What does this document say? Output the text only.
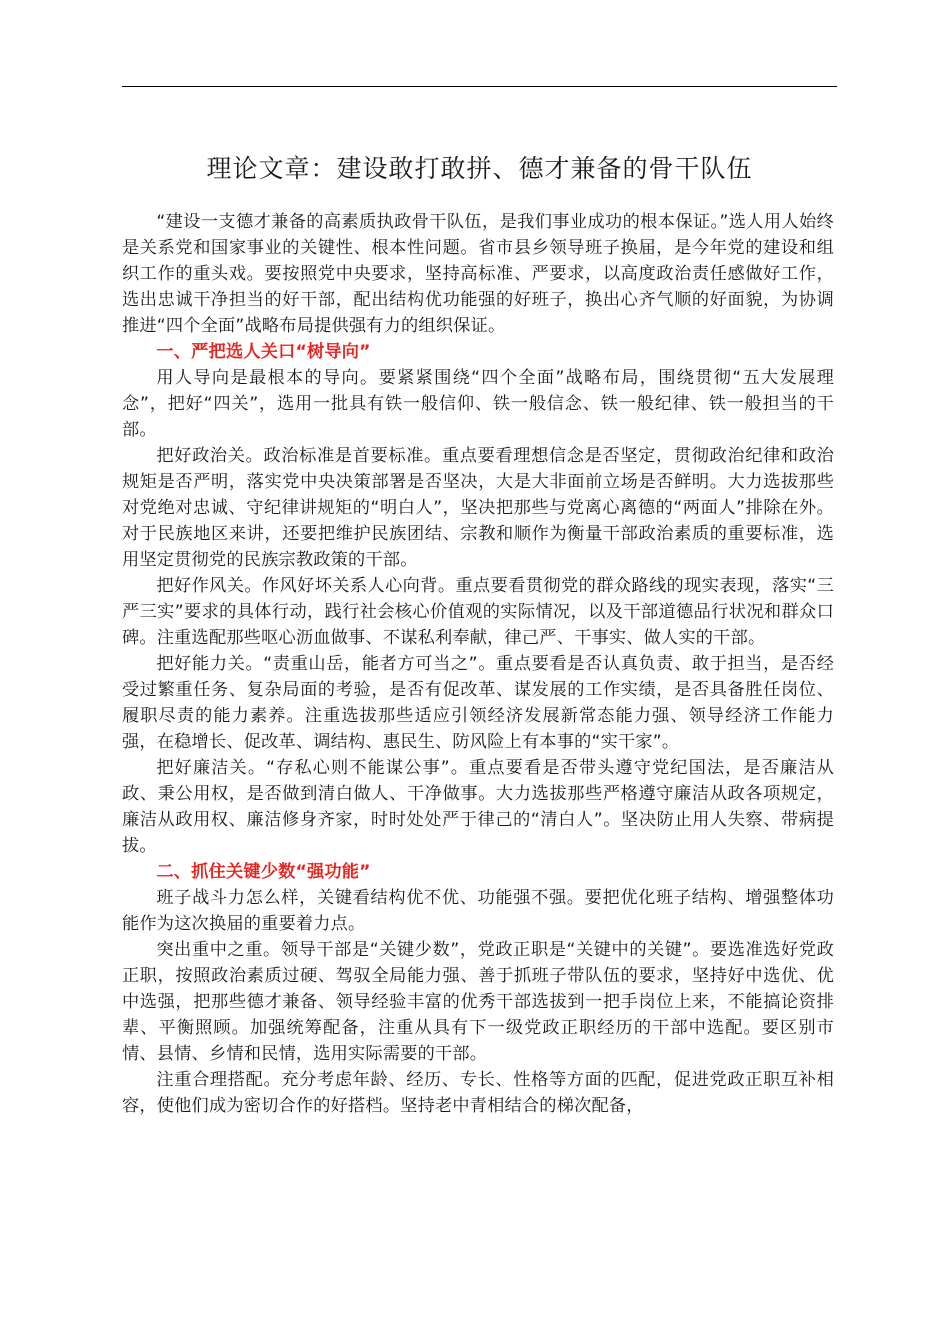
理论文章：建设敢打敢拼、德才兼备的骨干队伍

“建设一支德才兼备的高素质执政骨干队伍，是我们事业成功的根本保证。”选人用人始终是关系党和国家事业的关键性、根本性问题。省市县乡领导班子换届，是今年党的建设和组织工作的重头戏。要按照党中央要求，坚持高标准、严要求，以高度政治责任感做好工作，选出忠诚干净担当的好干部，配出结构优功能强的好班子，换出心齐气顺的好面貌，为协调推进“四个全面”战略布局提供强有力的组织保证。

一、严把选人关口“树导向”

用人导向是最根本的导向。要紧紧围绕“四个全面”战略布局，围绕贯彻“五大发展理念”，把好“四关”，选用一批具有铁一般信仰、铁一般信念、铁一般纪律、铁一般担当的干部。

把好政治关。政治标准是首要标准。重点要看理想信念是否坚定，贯彻政治纪律和政治规矩是否严明，落实党中央决策部署是否坚决，大是大非面前立场是否鲜明。大力选拔那些对党绝对忠诚、守纪律讲规矩的“明白人”，坚决把那些与党离心离德的“两面人”排除在外。对于民族地区来讲，还要把维护民族团结、宗教和顺作为衡量干部政治素质的重要标准，选用坚定贯彻党的民族宗教政策的干部。

把好作风关。作风好坏关系人心向背。重点要看贯彻党的群众路线的现实表现，落实“三严三实”要求的具体行动，践行社会核心价值观的实际情况，以及干部道德品行状况和群众口碑。注重选配那些呕心沥血做事、不谋私利奉献，律己严、干事实、做人实的干部。

把好能力关。“责重山岳，能者方可当之”。重点要看是否认真负责、敢于担当，是否经受过繁重任务、复杂局面的考验，是否有促改革、谋发展的工作实绩，是否具备胜任岗位、履职尽责的能力素养。注重选拔那些适应引领经济发展新常态能力强、领导经济工作能力强，在稳增长、促改革、调结构、惠民生、防风险上有本事的“实干家”。

把好廉洁关。“存私心则不能谋公事”。重点要看是否带头遵守党纪国法，是否廉洁从政、秉公用权，是否做到清白做人、干净做事。大力选拔那些严格遵守廉洁从政各项规定，廉洁从政用权、廉洁修身齐家，时时处处严于律己的“清白人”。坚决防止用人失察、带病提拔。

二、抓住关键少数“强功能”

班子战斗力怎么样，关键看结构优不优、功能强不强。要把优化班子结构、增强整体功能作为这次换届的重要着力点。

突出重中之重。领导干部是“关键少数”，党政正职是“关键中的关键”。要选准选好党政正职，按照政治素质过硬、驾驭全局能力强、善于抓班子带队伍的要求，坚持好中选优、优中选强，把那些德才兼备、领导经验丰富的优秀干部选拔到一把手岗位上来，不能搞论资排辈、平衡照顾。加强统筹配备，注重从具有下一级党政正职经历的干部中选配。要区别市情、县情、乡情和民情，选用实际需要的干部。

注重合理搭配。充分考虑年龄、经历、专长、性格等方面的匹配，促进党政正职互补相容，使他们成为密切合作的好搭档。坚持老中青相结合的梯次配备，
